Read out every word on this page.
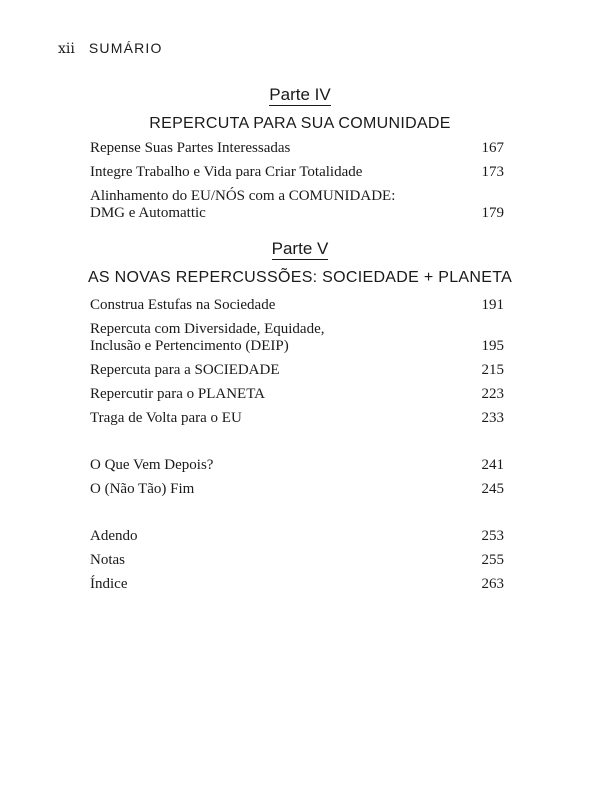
xii SUMÁRIO
Parte IV
REPERCUTA PARA SUA COMUNIDADE
Repense Suas Partes Interessadas	167
Integre Trabalho e Vida para Criar Totalidade	173
Alinhamento do EU/NÓS com a COMUNIDADE:
DMG e Automattic	179
Parte V
AS NOVAS REPERCUSSÕES: SOCIEDADE + PLANETA
Construa Estufas na Sociedade	191
Repercuta com Diversidade, Equidade,
Inclusão e Pertencimento (DEIP)	195
Repercuta para a SOCIEDADE	215
Repercutir para o PLANETA	223
Traga de Volta para o EU	233
O Que Vem Depois?	241
O (Não Tão) Fim	245
Adendo	253
Notas	255
Índice	263
